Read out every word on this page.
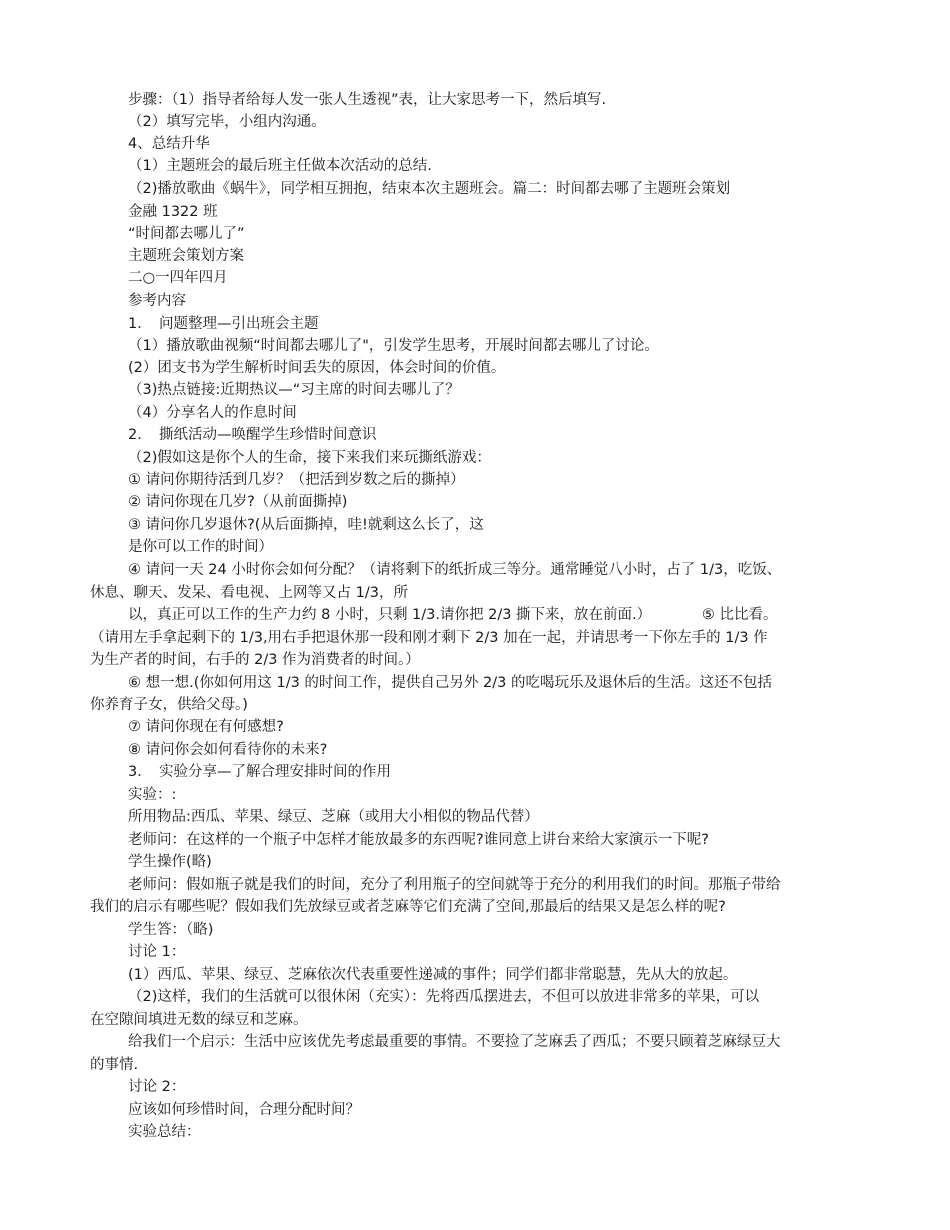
步骤：（1）指导者给每人发一张人生透视”表，让大家思考一下，然后填写.
（2）填写完毕，小组内沟通。
4、总结升华
（1）主题班会的最后班主任做本次活动的总结.
（2)播放歌曲《蜗牛》，同学相互拥抱，结束本次主题班会。篇二：时间都去哪了主题班会策划
金融 1322 班
“时间都去哪儿了”
主题班会策划方案
二○一四年四月
参考内容
1．　问题整理—引出班会主题
（1）播放歌曲视频“时间都去哪儿了"，引发学生思考，开展时间都去哪儿了讨论。
(2）团支书为学生解析时间丢失的原因，体会时间的价值。
（3)热点链接:近期热议—“习主席的时间去哪儿了？
（4）分享名人的作息时间
2．　撕纸活动—唤醒学生珍惜时间意识
（2)假如这是你个人的生命，接下来我们来玩撕纸游戏：
① 请问你期待活到几岁？（把活到岁数之后的撕掉）
② 请问你现在几岁?（从前面撕掉)
③ 请问你几岁退休?(从后面撕掉，哇!就剩这么长了，这
是你可以工作的时间）
④ 请问一天 24 小时你会如何分配？（请将剩下的纸折成三等分。通常睡觉八小时，占了 1/3，吃饭、
休息、聊天、发呆、看电视、上网等又占 1/3，所
以，真正可以工作的生产力约 8 小时，只剩 1/3.请你把 2/3 撕下来，放在前面.）　　　　⑤ 比比看。
（请用左手拿起剩下的 1/3,用右手把退休那一段和刚才剩下 2/3 加在一起，并请思考一下你左手的 1/3 作
为生产者的时间，右手的 2/3 作为消费者的时间。）
⑥ 想一想.(你如何用这 1/3 的时间工作，提供自己另外 2/3 的吃喝玩乐及退休后的生活。这还不包括
你养育子女，供给父母。)
⑦ 请问你现在有何感想?
⑧ 请问你会如何看待你的未来?
3．　实验分享—了解合理安排时间的作用
实验：:
所用物品:西瓜、苹果、绿豆、芝麻（或用大小相似的物品代替）
老师问：在这样的一个瓶子中怎样才能放最多的东西呢?谁同意上讲台来给大家演示一下呢?
学生操作(略)
老师问：假如瓶子就是我们的时间，充分了利用瓶子的空间就等于充分的利用我们的时间。那瓶子带给
我们的启示有哪些呢？假如我们先放绿豆或者芝麻等它们充满了空间,那最后的结果又是怎么样的呢?
学生答：（略)
讨论 1：
(1）西瓜、苹果、绿豆、芝麻依次代表重要性递减的事件；同学们都非常聪慧，先从大的放起。
（2)这样，我们的生活就可以很休闲（充实）：先将西瓜摆进去，不但可以放进非常多的苹果，可以
在空隙间填进无数的绿豆和芝麻。
给我们一个启示：生活中应该优先考虑最重要的事情。不要捡了芝麻丢了西瓜；不要只顾着芝麻绿豆大
的事情.
讨论 2：
应该如何珍惜时间，合理分配时间？
实验总结：
